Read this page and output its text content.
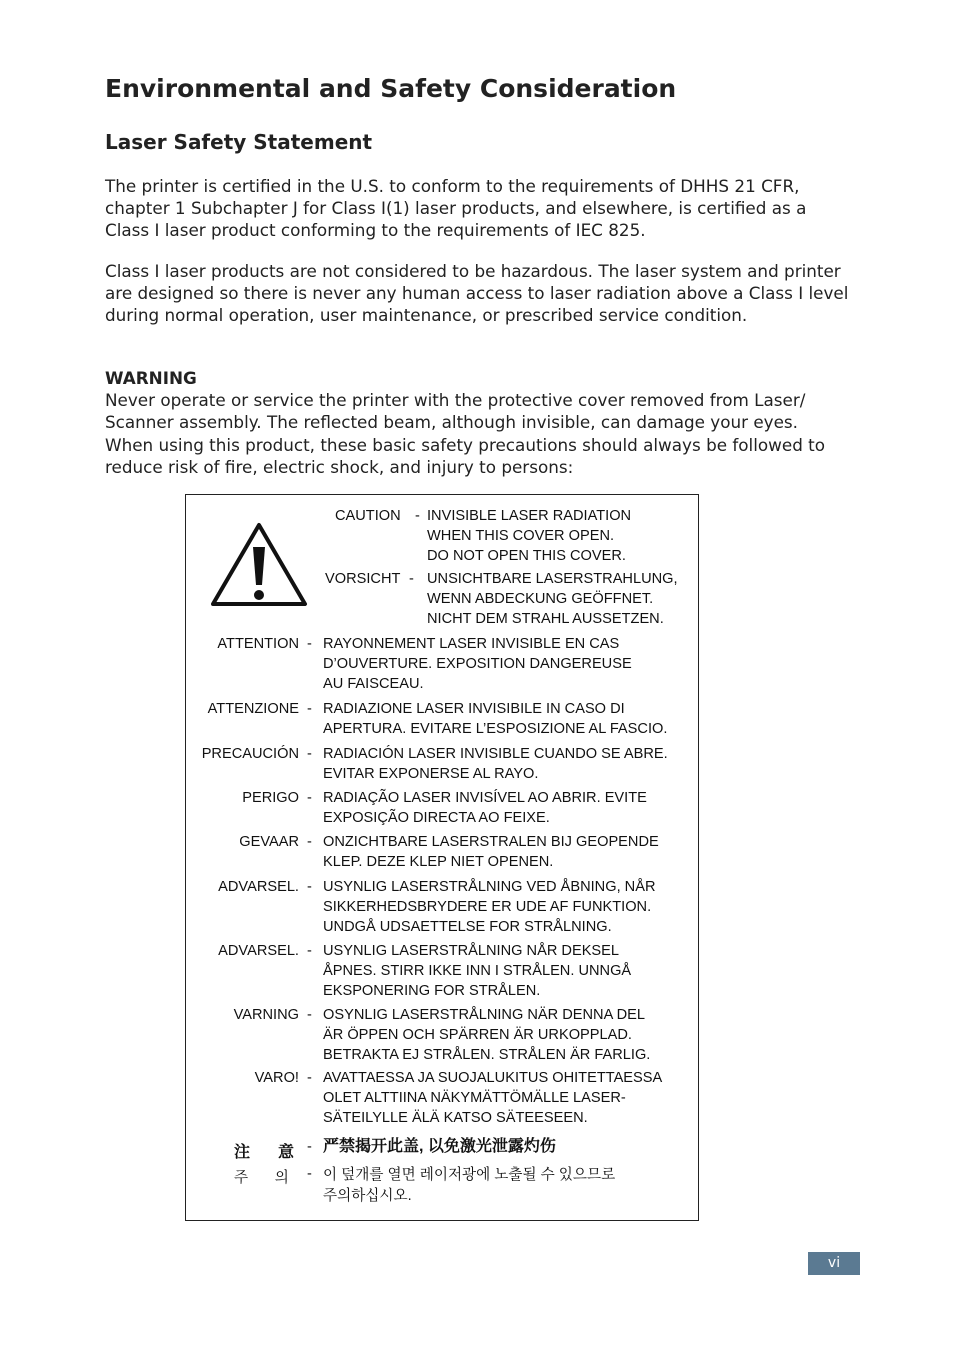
Environmental and Safety Consideration
Laser Safety Statement

The printer is certified in the U.S. to conform to the requirements of DHHS 21 CFR, chapter 1 Subchapter J for Class I(1) laser products, and elsewhere, is certified as a Class I laser product conforming to the requirements of IEC 825.

Class I laser products are not considered to be hazardous. The laser system and printer are designed so there is never any human access to laser radiation above a Class I level during normal operation, user maintenance, or prescribed service condition.

WARNING

Never operate or service the printer with the protective cover removed from Laser/ Scanner assembly. The reflected beam, although invisible, can damage your eyes.

When using this product, these basic safety precautions should always be followed to reduce risk of fire, electric shock, and injury to persons:

CAUTION - INVISIBLE LASER RADIATION
WHEN THIS COVER OPEN.
DO NOT OPEN THIS COVER.
VORSICHT - UNSICHTBARE LASERSTRAHLUNG,
WENN ABDECKUNG GEÖFFNET.
NICHT DEM STRAHL AUSSETZEN.
ATTENTION - RAYONNEMENT LASER INVISIBLE EN CAS
D’OUVERTURE. EXPOSITION DANGEREUSE
AU FAISCEAU.
ATTENZIONE - RADIAZIONE LASER INVISIBILE IN CASO DI
APERTURA. EVITARE L’ESPOSIZIONE AL FASCIO.
PRECAUCIÓN - RADIACIÓN LASER INVISIBLE CUANDO SE ABRE.
EVITAR EXPONERSE AL RAYO.
PERIGO - RADIAÇÃO LASER INVISÍVEL AO ABRIR. EVITE
EXPOSIÇÃO DIRECTA AO FEIXE.
GEVAAR - ONZICHTBARE LASERSTRALEN BIJ GEOPENDE
KLEP. DEZE KLEP NIET OPENEN.
ADVARSEL. - USYNLIG LASERSTRÅLNING VED ÅBNING, NÅR
SIKKERHEDSBRYDERE ER UDE AF FUNKTION.
UNDGÅ UDSAETTELSE FOR STRÅLNING.
ADVARSEL. - USYNLIG LASERSTRÅLNING NÅR DEKSEL
ÅPNES. STIRR IKKE INN I STRÅLEN. UNNGÅ
EKSPONERING FOR STRÅLEN.
VARNING - OSYNLIG LASERSTRÅLNING NÄR DENNA DEL
ÄR ÖPPEN OCH SPÄRREN ÄR URKOPPLAD.
BETRAKTA EJ STRÅLEN. STRÅLEN ÄR FARLIG.
VARO! - AVATTAESSA JA SUOJALUKITUS OHITETTAESSA
OLET ALTTIINA NÄKYMÄTTÖMÄLLE LASER-
SÄTEILYLLE ÄLÄ KATSO SÄTEESEEN.
注　意 - 严禁揭开此盖, 以免激光泄露灼伤
주　의 - 이 덮개를 열면 레이저광에 노출될 수 있으므로
주의하십시오.
vi
